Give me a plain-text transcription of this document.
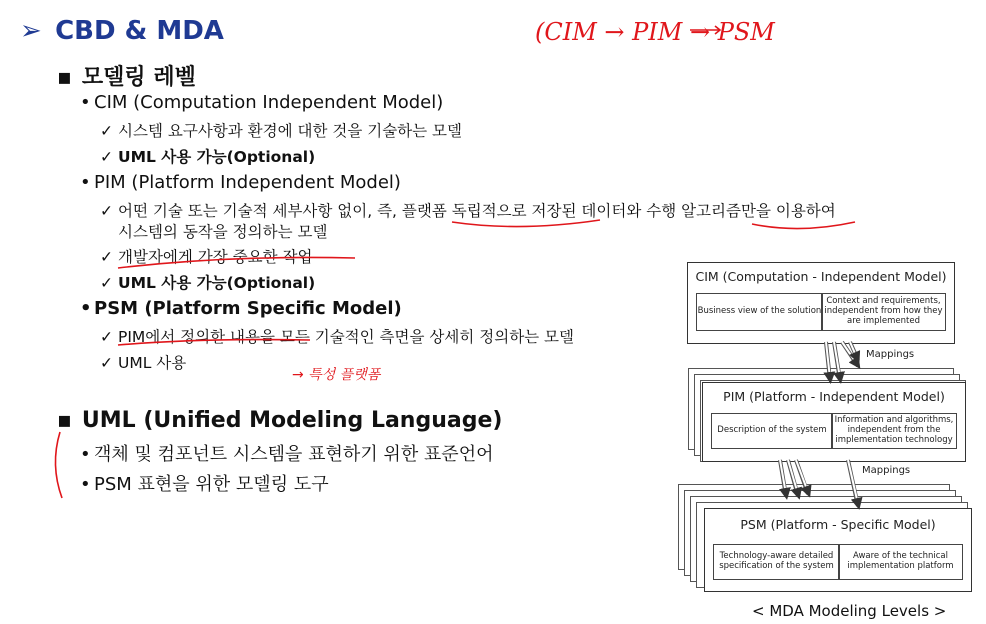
➢ CBD & MDA
▪ 모델링 레벨
• CIM (Computation Independent Model)
✓ 시스템 요구사항과 환경에 대한 것을 기술하는 모델
✓ UML 사용 가능(Optional)
• PIM (Platform Independent Model)
✓ 어떤 기술 또는 기술적 세부사항 없이, 즉, 플랫폼 독립적으로 저장된 데이터와 수행 알고리즘만을 이용하여
시스템의 동작을 정의하는 모델
✓ 개발자에게 가장 중요한 작업
✓ UML 사용 가능(Optional)
• PSM (Platform Specific Model)
✓ PIM에서 정의한 내용을 모든 기술적인 측면을 상세히 정의하는 모델
✓ UML 사용
▪ UML (Unified Modeling Language)
• 객체 및 컴포넌트 시스템을 표현하기 위한 표준언어
• PSM 표현을 위한 모델링 도구
(CIM → PIM → PSM
→ 특성 플랫폼
CIM (Computation - Independent Model)
Business view of the solution
Context and requirements, independent from how they are implemented
PIM (Platform - Independent Model)
Description of the system
Information and algorithms, independent from the implementation technology
PSM (Platform - Specific Model)
Technology-aware detailed specification of the system
Aware of the technical implementation platform
Mappings
Mappings
< MDA Modeling Levels >
